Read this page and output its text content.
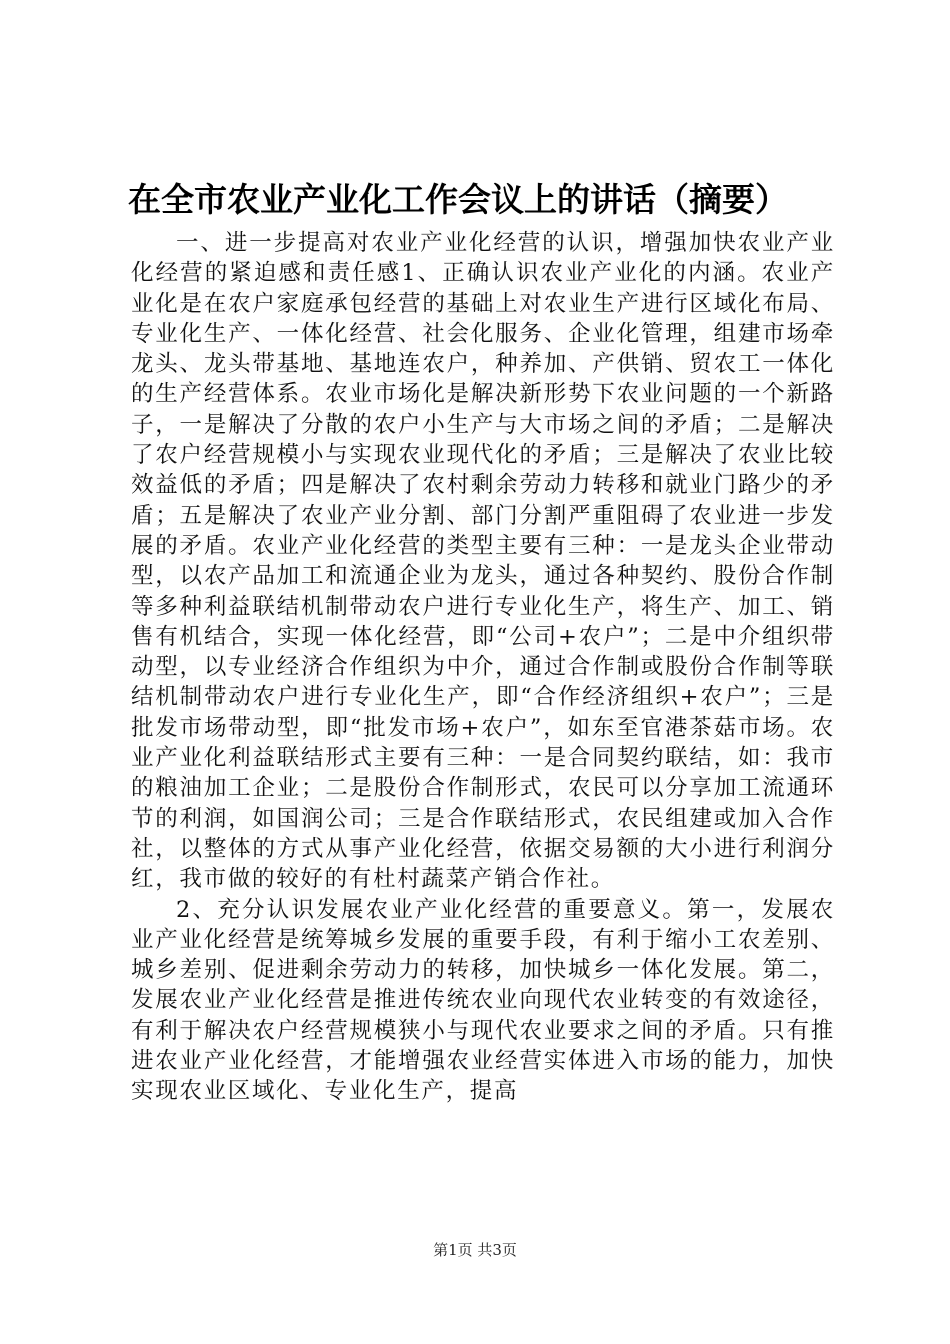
在全市农业产业化工作会议上的讲话（摘要）

一、进一步提高对农业产业化经营的认识，增强加快农业产业化经营的紧迫感和责任感1、正确认识农业产业化的内涵。农业产业化是在农户家庭承包经营的基础上对农业生产进行区域化布局、专业化生产、一体化经营、社会化服务、企业化管理，组建市场牵龙头、龙头带基地、基地连农户，种养加、产供销、贸农工一体化的生产经营体系。农业市场化是解决新形势下农业问题的一个新路子，一是解决了分散的农户小生产与大市场之间的矛盾；二是解决了农户经营规模小与实现农业现代化的矛盾；三是解决了农业比较效益低的矛盾；四是解决了农村剩余劳动力转移和就业门路少的矛盾；五是解决了农业产业分割、部门分割严重阻碍了农业进一步发展的矛盾。农业产业化经营的类型主要有三种：一是龙头企业带动型，以农产品加工和流通企业为龙头，通过各种契约、股份合作制等多种利益联结机制带动农户进行专业化生产，将生产、加工、销售有机结合，实现一体化经营，即“公司+农户”；二是中介组织带动型，以专业经济合作组织为中介，通过合作制或股份合作制等联结机制带动农户进行专业化生产，即“合作经济组织+农户”；三是批发市场带动型，即“批发市场+农户”，如东至官港茶菇市场。农业产业化利益联结形式主要有三种：一是合同契约联结，如：我市的粮油加工企业；二是股份合作制形式，农民可以分享加工流通环节的利润，如国润公司；三是合作联结形式，农民组建或加入合作社，以整体的方式从事产业化经营，依据交易额的大小进行利润分红，我市做的较好的有杜村蔬菜产销合作社。

2、充分认识发展农业产业化经营的重要意义。第一，发展农业产业化经营是统筹城乡发展的重要手段，有利于缩小工农差别、城乡差别、促进剩余劳动力的转移，加快城乡一体化发展。第二，发展农业产业化经营是推进传统农业向现代农业转变的有效途径，有利于解决农户经营规模狭小与现代农业要求之间的矛盾。只有推进农业产业化经营，才能增强农业经营实体进入市场的能力，加快实现农业区域化、专业化生产，提高

第1页 共3页
